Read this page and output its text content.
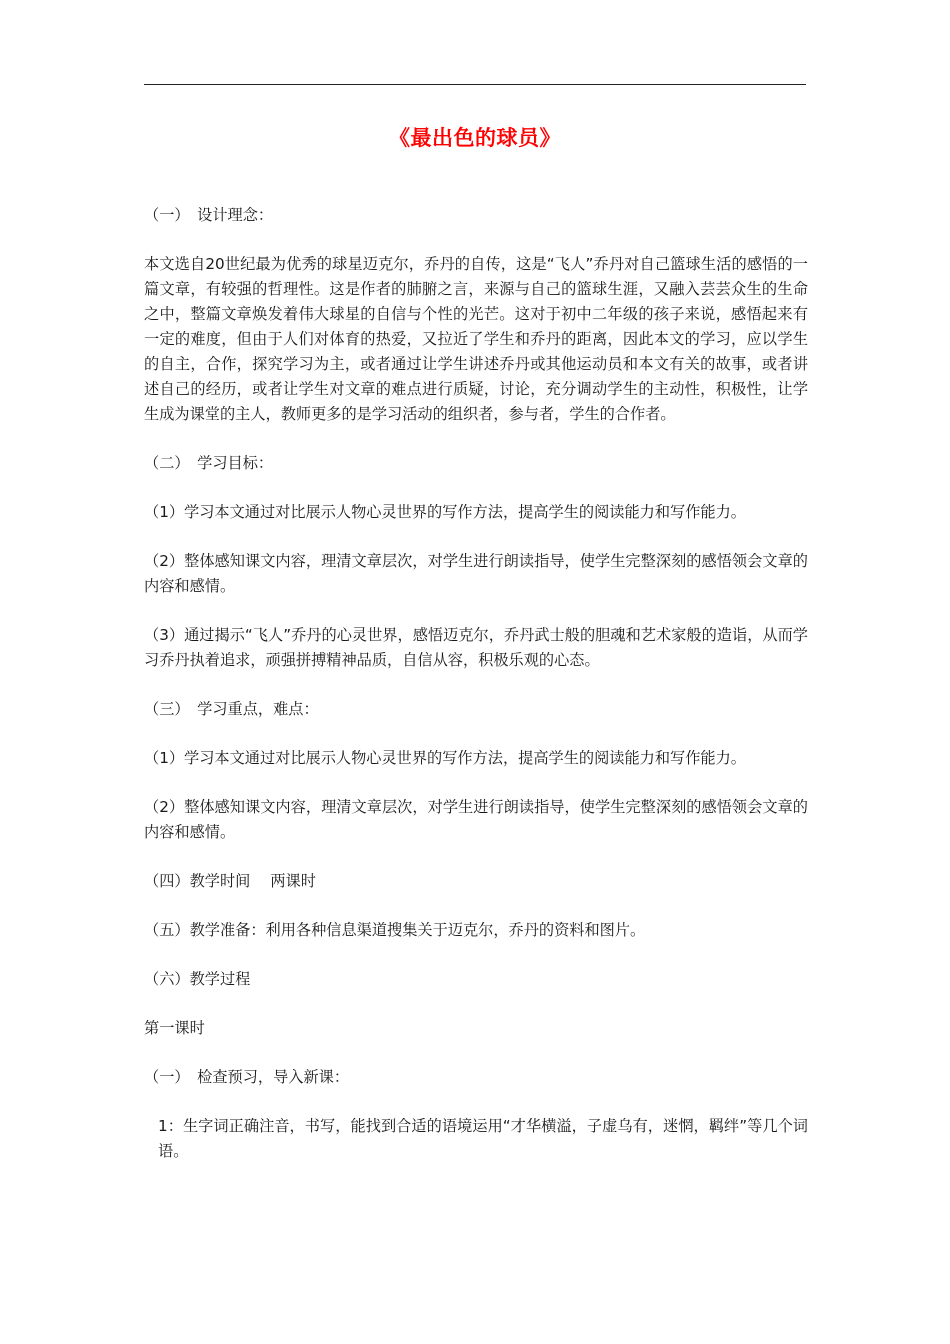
《最出色的球员》

（一）　设计理念：

本文选自20世纪最为优秀的球星迈克尔，乔丹的自传，这是“飞人”乔丹对自己篮球生活的感悟的一篇文章，有较强的哲理性。这是作者的肺腑之言，来源与自己的篮球生涯，又融入芸芸众生的生命之中，整篇文章焕发着伟大球星的自信与个性的光芒。这对于初中二年级的孩子来说，感悟起来有一定的难度，但由于人们对体育的热爱，又拉近了学生和乔丹的距离，因此本文的学习，应以学生的自主，合作，探究学习为主，或者通过让学生讲述乔丹或其他运动员和本文有关的故事，或者讲述自己的经历，或者让学生对文章的难点进行质疑，讨论，充分调动学生的主动性，积极性，让学生成为课堂的主人，教师更多的是学习活动的组织者，参与者，学生的合作者。

（二）　学习目标：

（1）学习本文通过对比展示人物心灵世界的写作方法，提高学生的阅读能力和写作能力。

（2）整体感知课文内容，理清文章层次，对学生进行朗读指导，使学生完整深刻的感悟领会文章的内容和感情。

（3）通过揭示“飞人”乔丹的心灵世界，感悟迈克尔，乔丹武士般的胆魂和艺术家般的造诣，从而学习乔丹执着追求，顽强拼搏精神品质，自信从容，积极乐观的心态。

（三）　学习重点，难点：

（1）学习本文通过对比展示人物心灵世界的写作方法，提高学生的阅读能力和写作能力。

（2）整体感知课文内容，理清文章层次，对学生进行朗读指导，使学生完整深刻的感悟领会文章的内容和感情。

（四）教学时间　 两课时

（五）教学准备：利用各种信息渠道搜集关于迈克尔，乔丹的资料和图片。

（六）教学过程

第一课时

（一）　检查预习，导入新课：

1：生字词正确注音，书写，能找到合适的语境运用“才华横溢，子虚乌有，迷惘，羁绊”等几个词语。
